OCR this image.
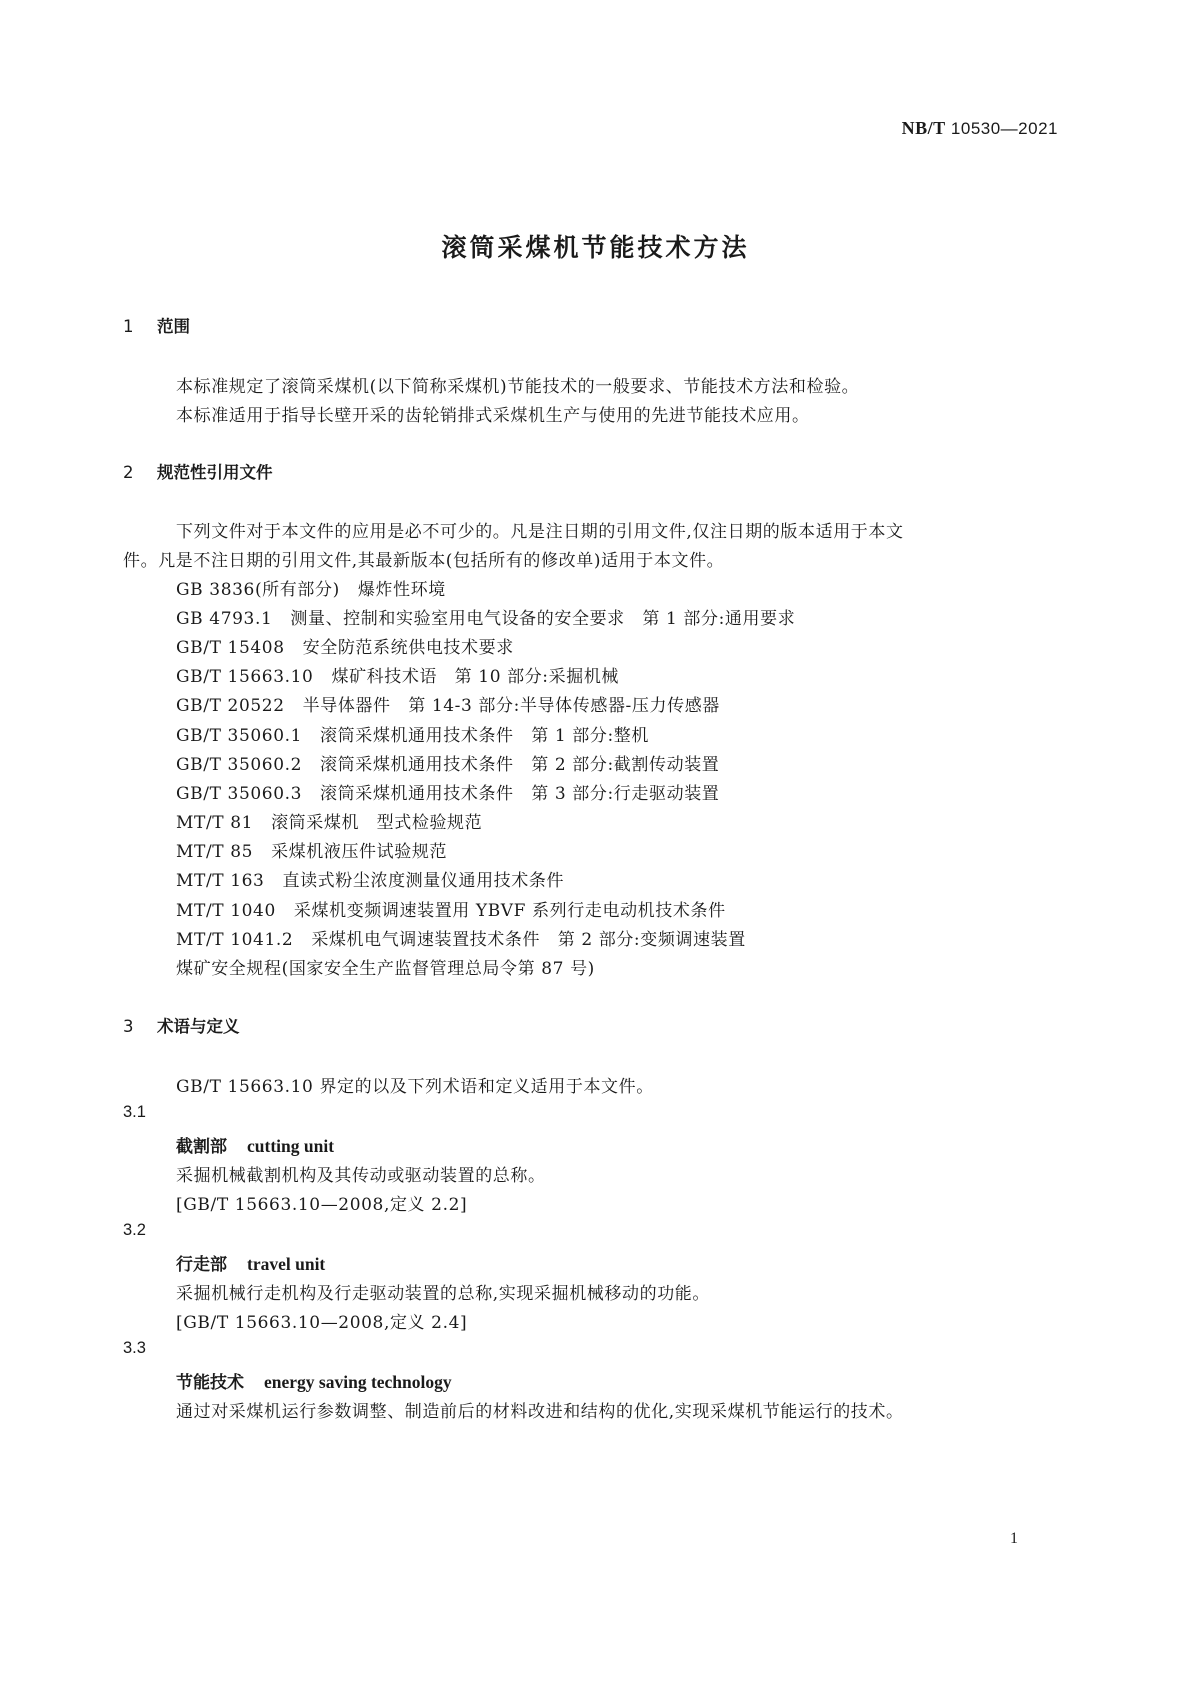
NB/T 10530—2021
滚筒采煤机节能技术方法
1 范围
本标准规定了滚筒采煤机(以下简称采煤机)节能技术的一般要求、节能技术方法和检验。
本标准适用于指导长壁开采的齿轮销排式采煤机生产与使用的先进节能技术应用。
2 规范性引用文件
下列文件对于本文件的应用是必不可少的。凡是注日期的引用文件,仅注日期的版本适用于本文
件。凡是不注日期的引用文件,其最新版本(包括所有的修改单)适用于本文件。
GB 3836(所有部分) 爆炸性环境
GB 4793.1 测量、控制和实验室用电气设备的安全要求　第 1 部分:通用要求
GB/T 15408 安全防范系统供电技术要求
GB/T 15663.10 煤矿科技术语　第 10 部分:采掘机械
GB/T 20522 半导体器件　第 14-3 部分:半导体传感器-压力传感器
GB/T 35060.1 滚筒采煤机通用技术条件　第 1 部分:整机
GB/T 35060.2 滚筒采煤机通用技术条件　第 2 部分:截割传动装置
GB/T 35060.3 滚筒采煤机通用技术条件　第 3 部分:行走驱动装置
MT/T 81 滚筒采煤机　型式检验规范
MT/T 85 采煤机液压件试验规范
MT/T 163 直读式粉尘浓度测量仪通用技术条件
MT/T 1040 采煤机变频调速装置用 YBVF 系列行走电动机技术条件
MT/T 1041.2 采煤机电气调速装置技术条件　第 2 部分:变频调速装置
煤矿安全规程(国家安全生产监督管理总局令第 87 号)
3 术语与定义
GB/T 15663.10 界定的以及下列术语和定义适用于本文件。
3.1
截割部 cutting unit
采掘机械截割机构及其传动或驱动装置的总称。
[GB/T 15663.10—2008,定义 2.2]
3.2
行走部 travel unit
采掘机械行走机构及行走驱动装置的总称,实现采掘机械移动的功能。
[GB/T 15663.10—2008,定义 2.4]
3.3
节能技术 energy saving technology
通过对采煤机运行参数调整、制造前后的材料改进和结构的优化,实现采煤机节能运行的技术。
1
